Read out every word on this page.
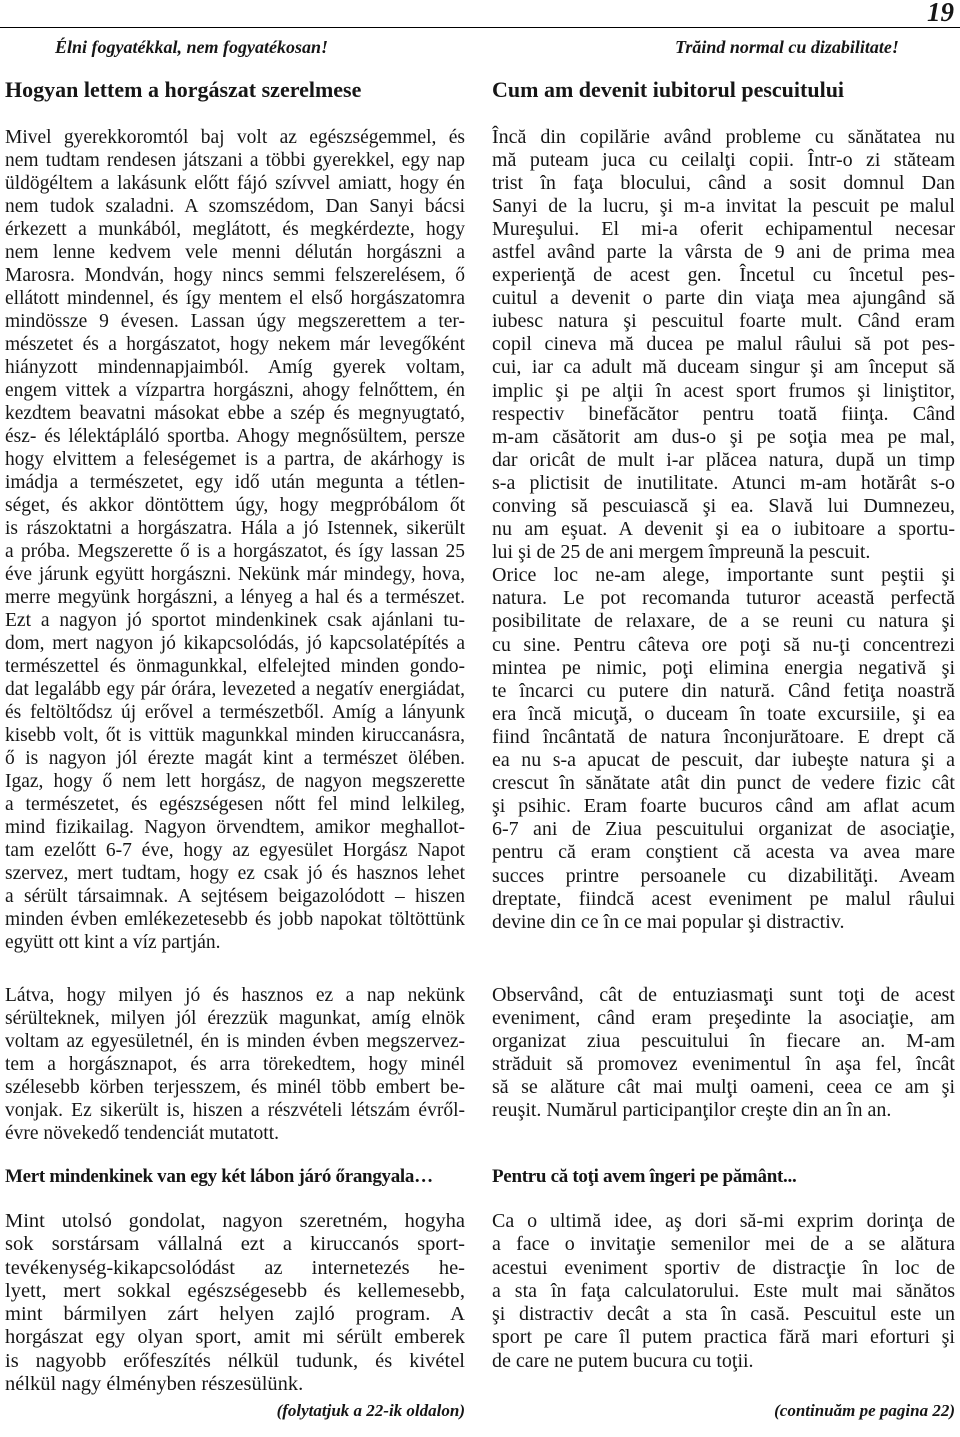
19
Élni fogyatékkal, nem fogyatékosan!
Hogyan lettem a horgászat szerelmese
Mivel gyerekkoromtól baj volt az egészségemmel, és
nem tudtam rendesen játszani a többi gyerekkel, egy nap
üldögéltem a lakásunk előtt fájó szívvel amiatt, hogy én
nem tudok szaladni. A szomszédom, Dan Sanyi bácsi
érkezett a munkából, meglátott, és megkérdezte, hogy
nem lenne kedvem vele menni délután horgászni a
Marosra. Mondván, hogy nincs semmi felszerelésem, ő
ellátott mindennel, és így mentem el első horgászatomra
mindössze 9 évesen. Lassan úgy megszerettem a ter-
mészetet és a horgászatot, hogy nekem már levegőként
hiányzott mindennapjaimból. Amíg gyerek voltam,
engem vittek a vízpartra horgászni, ahogy felnőttem, én
kezdtem beavatni másokat ebbe a szép és megnyugtató,
ész- és lélektápláló sportba. Ahogy megnősültem, persze
hogy elvittem a feleségemet is a partra, de akárhogy is
imádja a természetet, egy idő után megunta a tétlen-
séget, és akkor döntöttem úgy, hogy megpróbálom őt
is rászoktatni a horgászatra. Hála a jó Istennek, sikerült
a próba. Megszerette ő is a horgászatot, és így lassan 25
éve járunk együtt horgászni. Nekünk már mindegy, hova,
merre megyünk horgászni, a lényeg a hal és a természet.
Ezt a nagyon jó sportot mindenkinek csak ajánlani tu-
dom, mert nagyon jó kikapcsolódás, jó kapcsolatépítés a
természettel és önmagunkkal, elfelejted minden gondo-
dat legalább egy pár órára, levezeted a negatív energiádat,
és feltöltődsz új erővel a természetből. Amíg a lányunk
kisebb volt, őt is vittük magunkkal minden kiruccanásra,
ő is nagyon jól érezte magát kint a természet ölében.
Igaz, hogy ő nem lett horgász, de nagyon megszerette
a természetet, és egészségesen nőtt fel mind lelkileg,
mind fizikailag. Nagyon örvendtem, amikor meghallot-
tam ezelőtt 6-7 éve, hogy az egyesület Horgász Napot
szervez, mert tudtam, hogy ez csak jó és hasznos lehet
a sérült társaimnak. A sejtésem beigazolódott – hiszen
minden évben emlékezetesebb és jobb napokat töltöttünk
együtt ott kint a víz partján.
Látva, hogy milyen jó és hasznos ez a nap nekünk
sérülteknek, milyen jól érezzük magunkat, amíg elnök
voltam az egyesületnél, én is minden évben megszervez-
tem a horgásznapot, és arra törekedtem, hogy minél
szélesebb körben terjesszem, és minél több embert be-
vonjak. Ez sikerült is, hiszen a részvételi létszám évről-
évre növekedő tendenciát mutatott.
Mert mindenkinek van egy két lábon járó őrangyala…
Mint utolsó gondolat, nagyon szeretném, hogyha
sok sorstársam vállalná ezt a kiruccanós sport-
tevékenység-kikapcsolódást az internetezés he-
lyett, mert sokkal egészségesebb és kellemesebb,
mint bármilyen zárt helyen zajló program. A
horgászat egy olyan sport, amit mi sérült emberek
is nagyobb erőfeszítés nélkül tudunk, és kivétel
nélkül nagy élményben részesülünk.
(folytatjuk a 22-ik oldalon)
Trăind normal cu dizabilitate!
Cum am devenit iubitorul pescuitului
Încă din copilărie având probleme cu sănătatea nu
mă puteam juca cu ceilalţi copii. Într-o zi stăteam
trist în faţa blocului, când a sosit domnul Dan
Sanyi de la lucru, şi m-a invitat la pescuit pe malul
Mureşului. El mi-a oferit echipamentul necesar
astfel având parte la vârsta de 9 ani de prima mea
experienţă de acest gen. Încetul cu încetul pes-
cuitul a devenit o parte din viaţa mea ajungând să
iubesc natura şi pescuitul foarte mult. Când eram
copil cineva mă ducea pe malul râului să pot pes-
cui, iar ca adult mă duceam singur şi am început să
implic şi pe alţii în acest sport frumos şi liniştitor,
respectiv binefăcător pentru toată fiinţa. Când
m-am căsătorit am dus-o şi pe soţia mea pe mal,
dar oricât de mult i-ar plăcea natura, după un timp
s-a plictisit de inutilitate. Atunci m-am hotărât s-o
conving să pescuiască şi ea. Slavă lui Dumnezeu,
nu am eşuat. A devenit şi ea o iubitoare a sportu-
lui şi de 25 de ani mergem împreună la pescuit.
Orice loc ne-am alege, importante sunt peştii şi
natura. Le pot recomanda tuturor această perfectă
posibilitate de relaxare, de a se reuni cu natura şi
cu sine. Pentru câteva ore poţi să nu-ţi concentrezi
mintea pe nimic, poţi elimina energia negativă şi
te încarci cu putere din natură. Când fetiţa noastră
era încă micuţă, o duceam în toate excursiile, şi ea
fiind încântată de natura înconjurătoare. E drept că
ea nu s-a apucat de pescuit, dar iubeşte natura şi a
crescut în sănătate atât din punct de vedere fizic cât
şi psihic. Eram foarte bucuros când am aflat acum
6-7 ani de Ziua pescuitului organizat de asociaţie,
pentru că eram conştient că acesta va avea mare
succes printre persoanele cu dizabilităţi. Aveam
dreptate, fiindcă acest eveniment pe malul râului
devine din ce în ce mai popular şi distractiv.
Observând, cât de entuziasmaţi sunt toţi de acest
eveniment, când eram preşedinte la asociaţie, am
organizat ziua pescuitului în fiecare an. M-am
străduit să promovez evenimentul în aşa fel, încât
să se alăture cât mai mulţi oameni, ceea ce am şi
reuşit. Numărul participanţilor creşte din an în an.
Pentru că toţi avem îngeri pe pământ...
Ca o ultimă idee, aş dori să-mi exprim dorinţa de
a face o invitaţie semenilor mei de a se alătura
acestui eveniment sportiv de distracţie în loc de
a sta în faţa calculatorului. Este mult mai sănătos
şi distractiv decât a sta în casă. Pescuitul este un
sport pe care îl putem practica fără mari eforturi şi
de care ne putem bucura cu toţii.
(continuăm pe pagina 22)
